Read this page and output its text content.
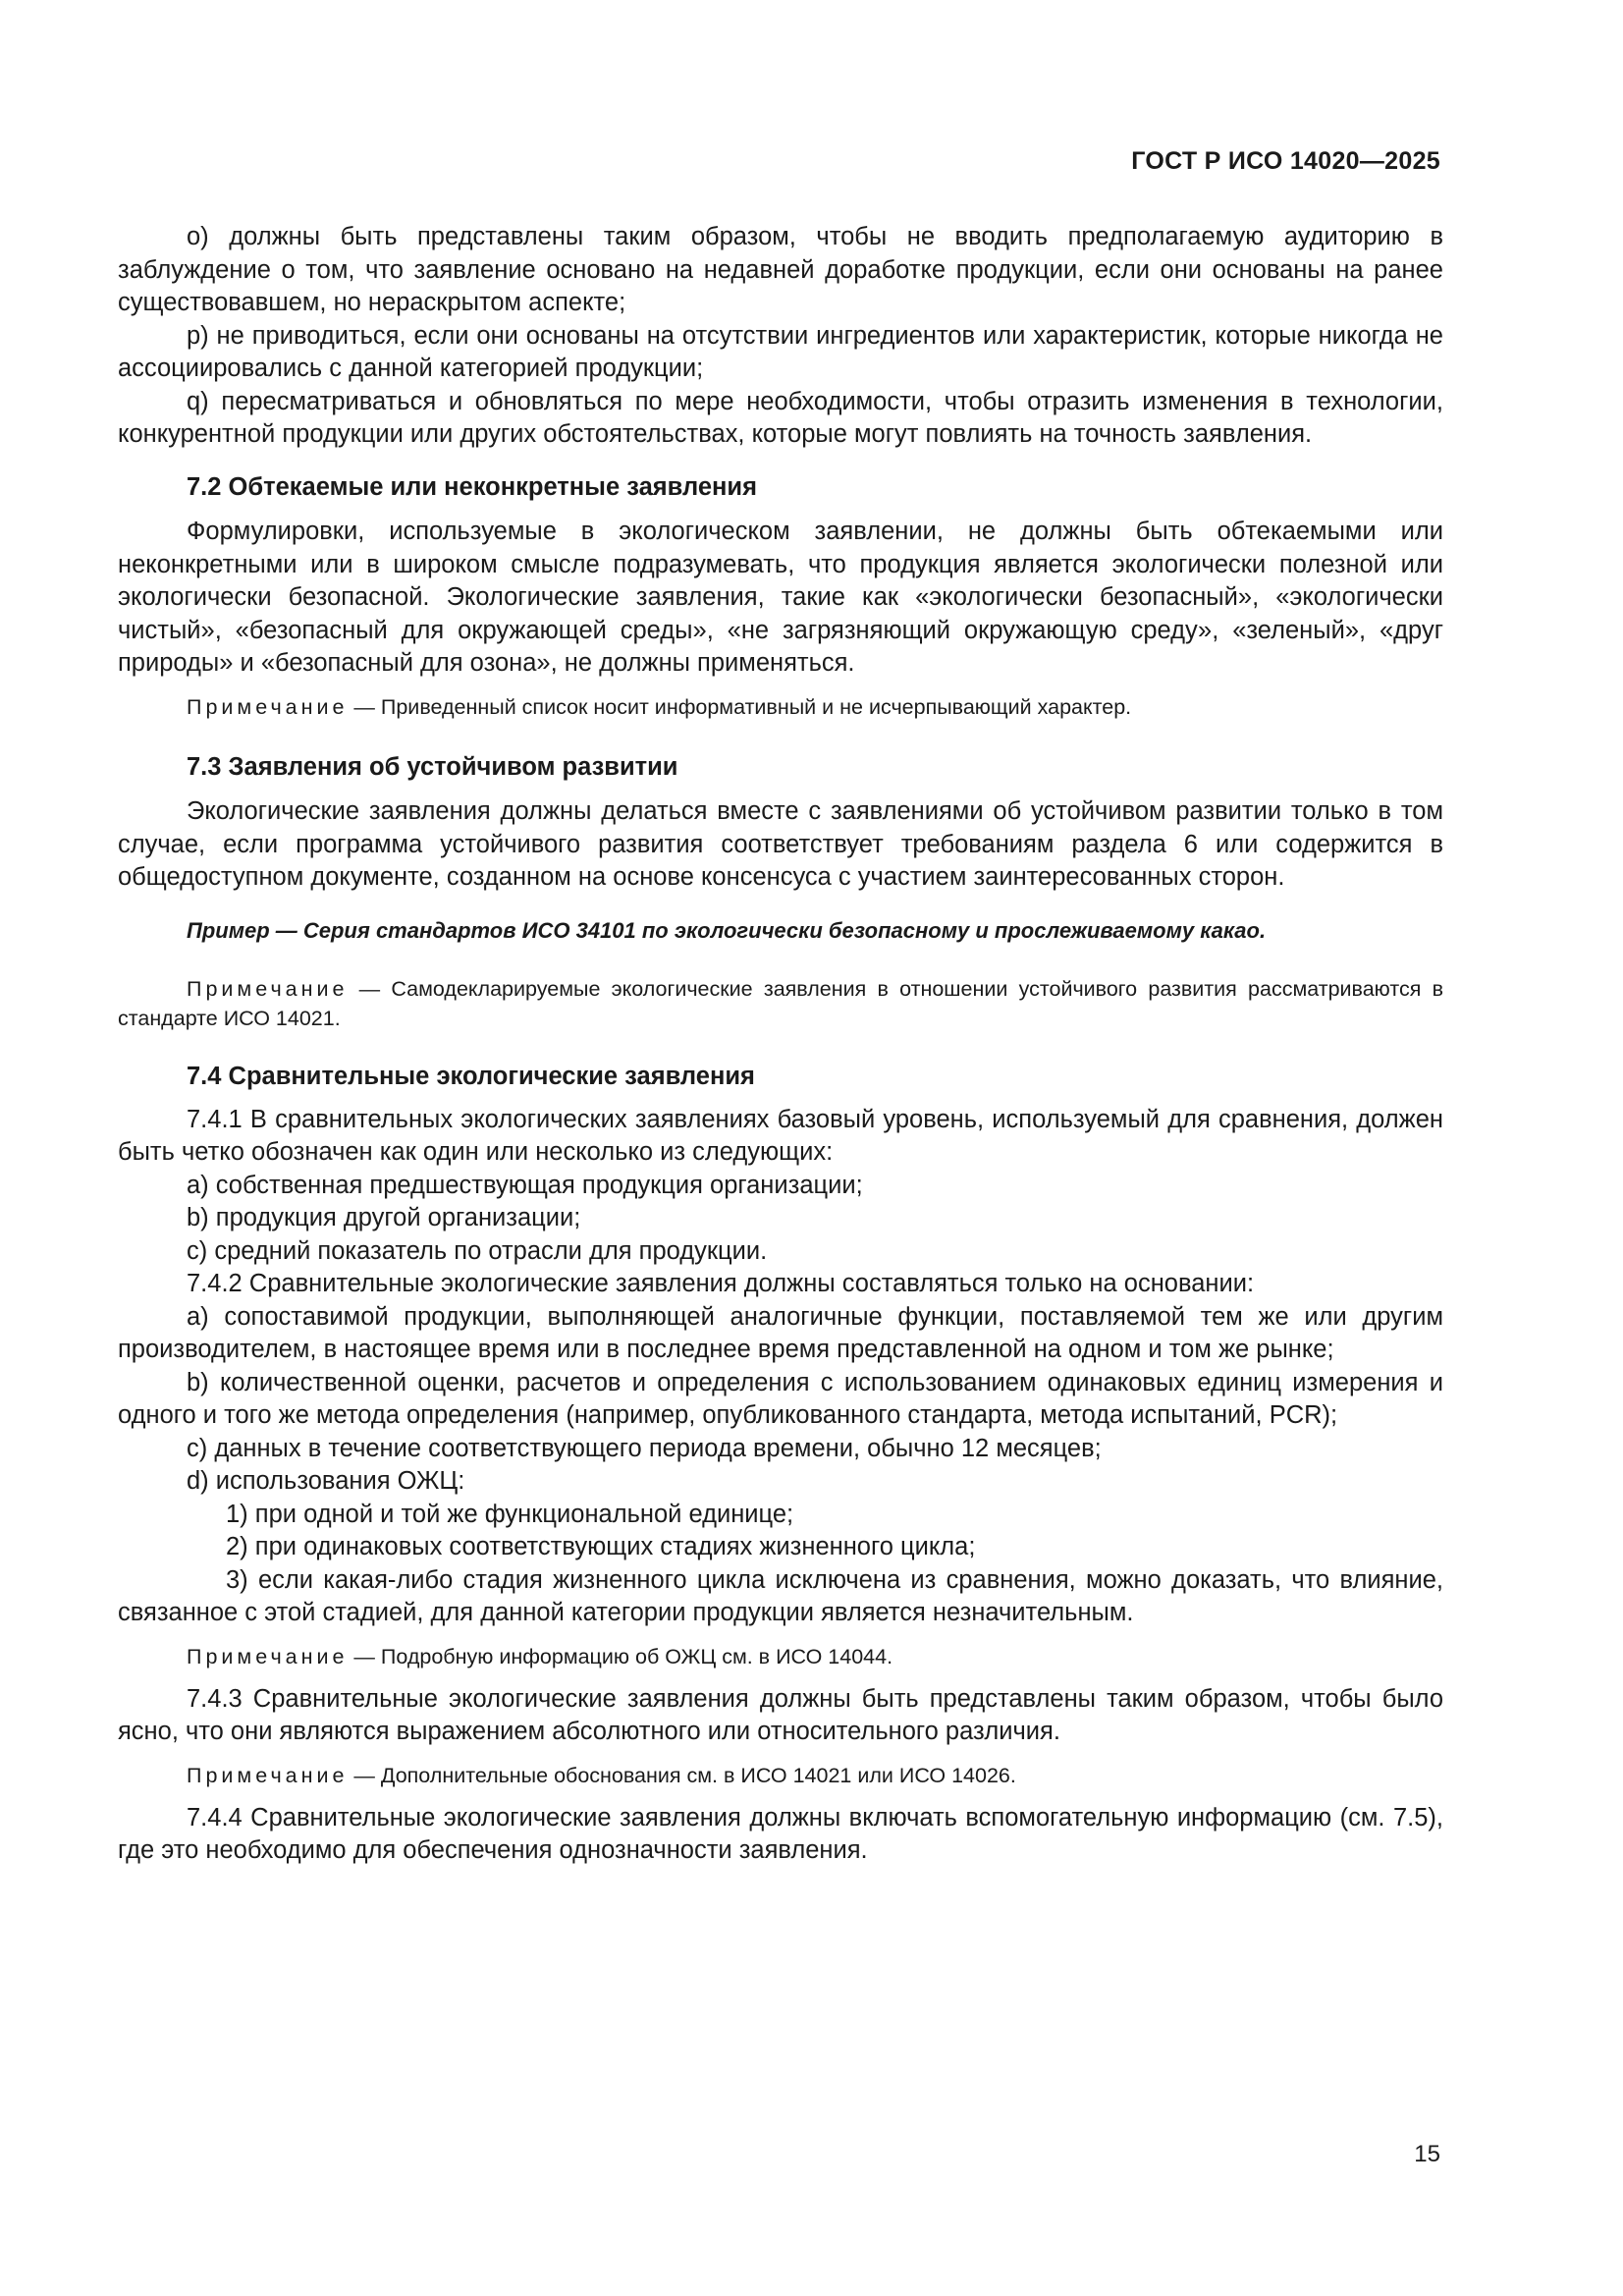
ГОСТ Р ИСО 14020—2025

o) должны быть представлены таким образом, чтобы не вводить предполагаемую аудиторию в заблуждение о том, что заявление основано на недавней доработке продукции, если они основаны на ранее существовавшем, но нераскрытом аспекте;

p) не приводиться, если они основаны на отсутствии ингредиентов или характеристик, которые никогда не ассоциировались с данной категорией продукции;

q) пересматриваться и обновляться по мере необходимости, чтобы отразить изменения в технологии, конкурентной продукции или других обстоятельствах, которые могут повлиять на точность заявления.

7.2 Обтекаемые или неконкретные заявления

Формулировки, используемые в экологическом заявлении, не должны быть обтекаемыми или неконкретными или в широком смысле подразумевать, что продукция является экологически полезной или экологически безопасной. Экологические заявления, такие как «экологически безопасный», «экологически чистый», «безопасный для окружающей среды», «не загрязняющий окружающую среду», «зеленый», «друг природы» и «безопасный для озона», не должны применяться.

Примечание — Приведенный список носит информативный и не исчерпывающий характер.

7.3 Заявления об устойчивом развитии

Экологические заявления должны делаться вместе с заявлениями об устойчивом развитии только в том случае, если программа устойчивого развития соответствует требованиям раздела 6 или содержится в общедоступном документе, созданном на основе консенсуса с участием заинтересованных сторон.

Пример — Серия стандартов ИСО 34101 по экологически безопасному и прослеживаемому какао.

Примечание — Самодекларируемые экологические заявления в отношении устойчивого развития рассматриваются в стандарте ИСО 14021.

7.4 Сравнительные экологические заявления

7.4.1 В сравнительных экологических заявлениях базовый уровень, используемый для сравнения, должен быть четко обозначен как один или несколько из следующих:

a) собственная предшествующая продукция организации;

b) продукция другой организации;

c) средний показатель по отрасли для продукции.

7.4.2 Сравнительные экологические заявления должны составляться только на основании:

a) сопоставимой продукции, выполняющей аналогичные функции, поставляемой тем же или другим производителем, в настоящее время или в последнее время представленной на одном и том же рынке;

b) количественной оценки, расчетов и определения с использованием одинаковых единиц измерения и одного и того же метода определения (например, опубликованного стандарта, метода испытаний, PCR);

c) данных в течение соответствующего периода времени, обычно 12 месяцев;

d) использования ОЖЦ:

1) при одной и той же функциональной единице;

2) при одинаковых соответствующих стадиях жизненного цикла;

3) если какая-либо стадия жизненного цикла исключена из сравнения, можно доказать, что влияние, связанное с этой стадией, для данной категории продукции является незначительным.

Примечание — Подробную информацию об ОЖЦ см. в ИСО 14044.

7.4.3 Сравнительные экологические заявления должны быть представлены таким образом, чтобы было ясно, что они являются выражением абсолютного или относительного различия.

Примечание — Дополнительные обоснования см. в ИСО 14021 или ИСО 14026.

7.4.4 Сравнительные экологические заявления должны включать вспомогательную информацию (см. 7.5), где это необходимо для обеспечения однозначности заявления.

15
